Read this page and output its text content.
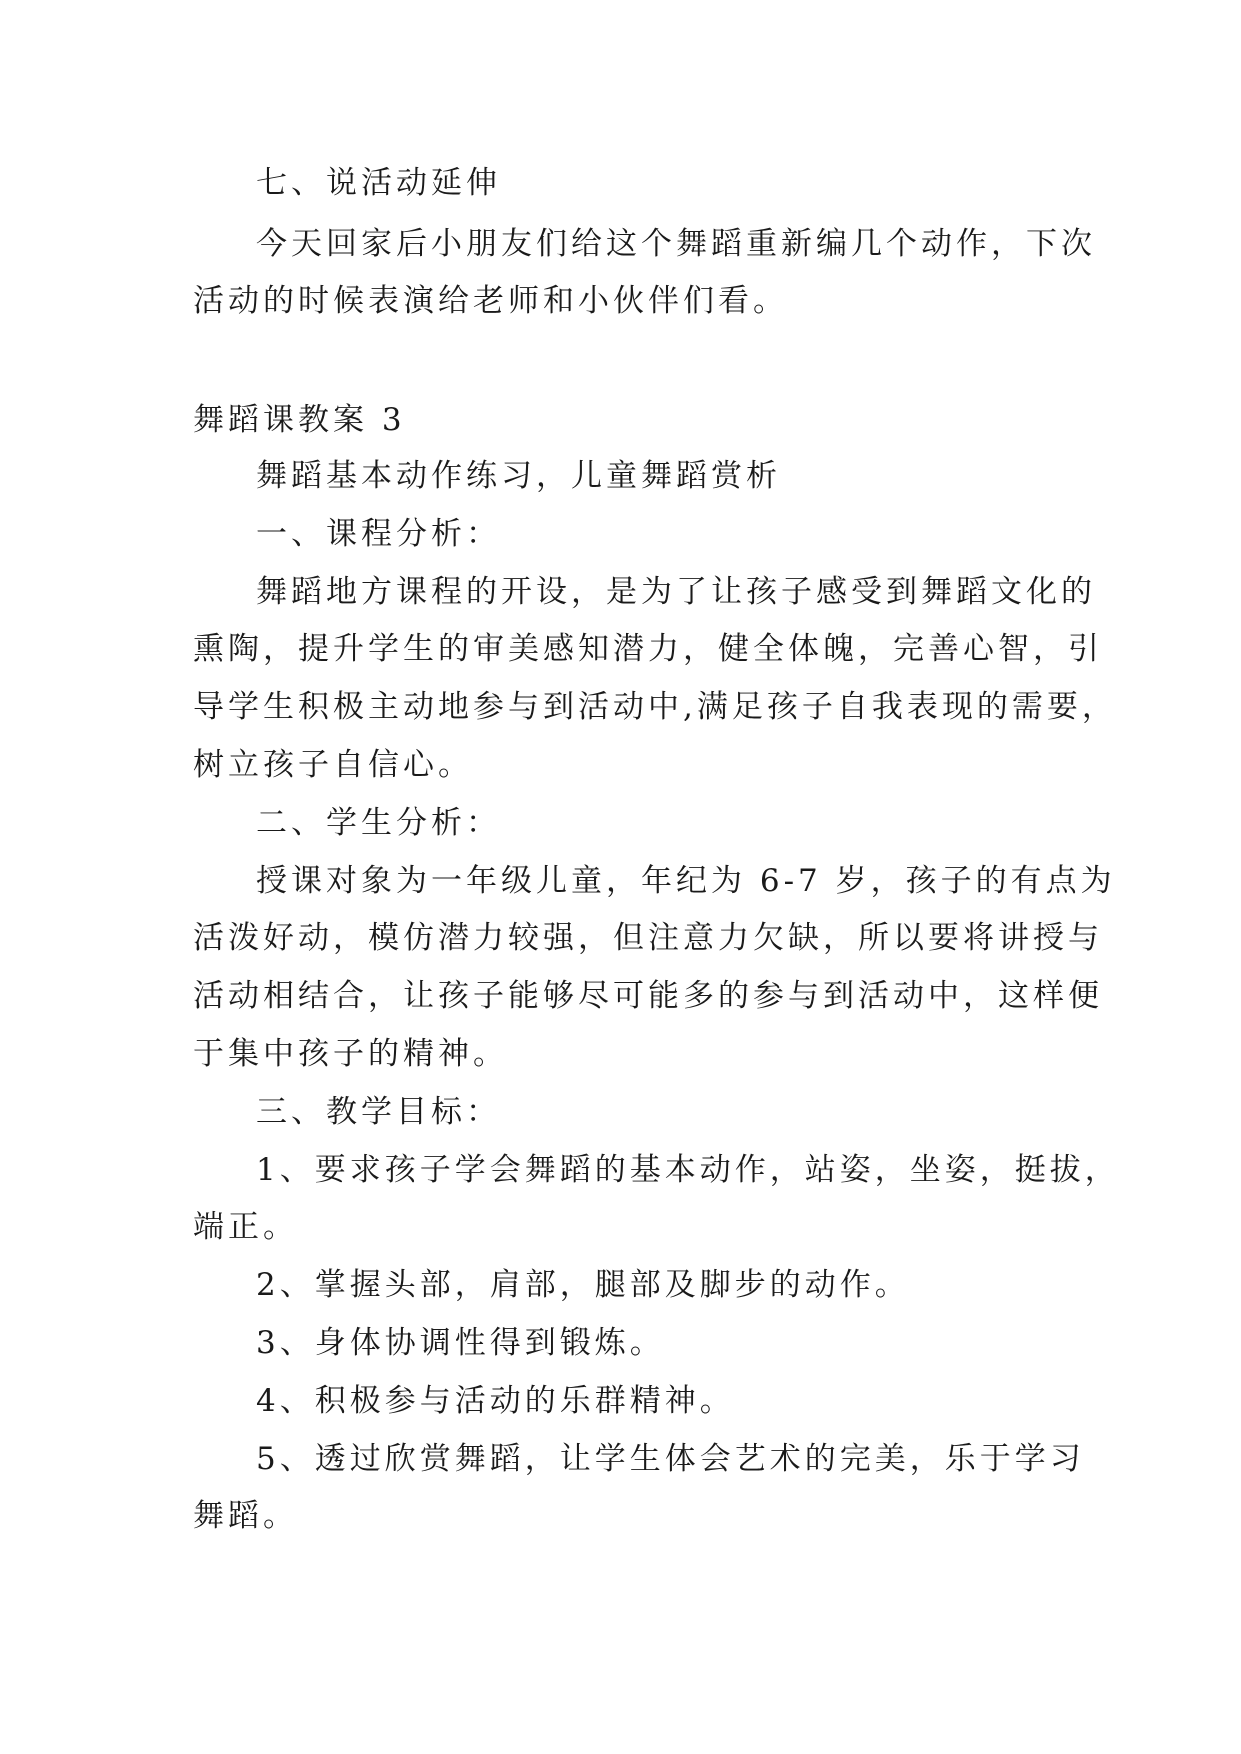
七、说活动延伸
今天回家后小朋友们给这个舞蹈重新编几个动作，下次
活动的时候表演给老师和小伙伴们看。
舞蹈课教案 3
舞蹈基本动作练习，儿童舞蹈赏析
一、课程分析：
舞蹈地方课程的开设，是为了让孩子感受到舞蹈文化的
熏陶，提升学生的审美感知潜力，健全体魄，完善心智，引
导学生积极主动地参与到活动中,满足孩子自我表现的需要，
树立孩子自信心。
二、学生分析：
授课对象为一年级儿童，年纪为 6-7 岁，孩子的有点为
活泼好动，模仿潜力较强，但注意力欠缺，所以要将讲授与
活动相结合，让孩子能够尽可能多的参与到活动中，这样便
于集中孩子的精神。
三、教学目标：
1、要求孩子学会舞蹈的基本动作，站姿，坐姿，挺拔，
端正。
2、掌握头部，肩部，腿部及脚步的动作。
3、身体协调性得到锻炼。
4、积极参与活动的乐群精神。
5、透过欣赏舞蹈，让学生体会艺术的完美，乐于学习
舞蹈。
